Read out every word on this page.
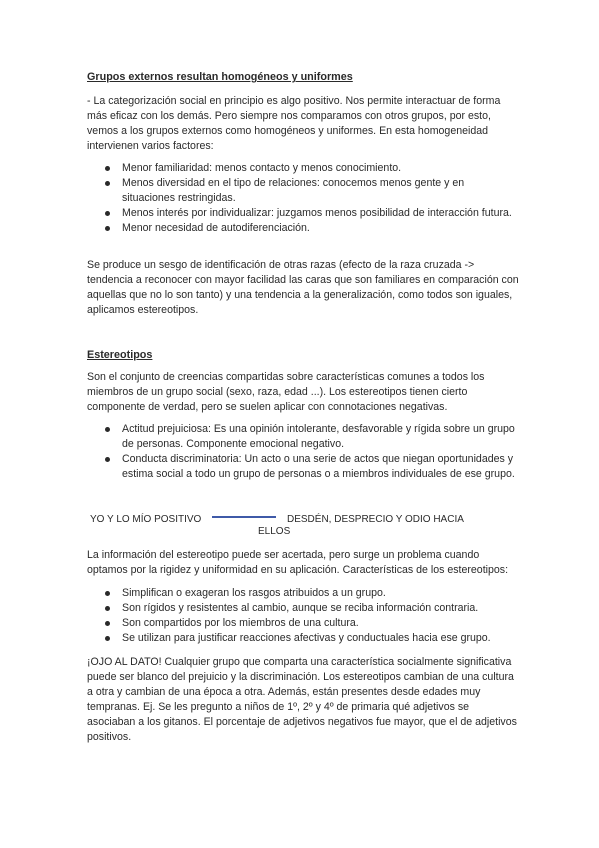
Grupos externos resultan homogéneos y uniformes
- La categorización social en principio es algo positivo. Nos permite interactuar de forma más eficaz con los demás. Pero siempre nos comparamos con otros grupos, por esto, vemos a los grupos externos como homogéneos y uniformes. En esta homogeneidad intervienen varios factores:
Menor familiaridad: menos contacto y menos conocimiento.
Menos diversidad en el tipo de relaciones: conocemos menos gente y en situaciones restringidas.
Menos interés por individualizar: juzgamos menos posibilidad de interacción futura.
Menor necesidad de autodiferenciación.
Se produce un sesgo de identificación de otras razas (efecto de la raza cruzada -> tendencia a reconocer con mayor facilidad las caras que son familiares en comparación con aquellas que no lo son tanto) y una tendencia a la generalización, como todos son iguales, aplicamos estereotipos.
Estereotipos
Son el conjunto de creencias compartidas sobre características comunes a todos los miembros de un grupo social (sexo, raza, edad ...). Los estereotipos tienen cierto componente de verdad, pero se suelen aplicar con connotaciones negativas.
Actitud prejuiciosa: Es una opinión intolerante, desfavorable y rígida sobre un grupo de personas. Componente emocional negativo.
Conducta discriminatoria: Un acto o una serie de actos que niegan oportunidades y estima social a todo un grupo de personas o a miembros individuales de ese grupo.
YO Y LO MÍO POSITIVO	DESDÉN, DESPRECIO Y ODIO HACIA
ELLOS
La información del estereotipo puede ser acertada, pero surge un problema cuando optamos por la rigidez y uniformidad en su aplicación. Características de los estereotipos:
Simplifican o exageran los rasgos atribuidos a un grupo.
Son rígidos y resistentes al cambio, aunque se reciba información contraria.
Son compartidos por los miembros de una cultura.
Se utilizan para justificar reacciones afectivas y conductuales hacia ese grupo.
¡OJO AL DATO! Cualquier grupo que comparta una característica socialmente significativa puede ser blanco del prejuicio y la discriminación. Los estereotipos cambian de una cultura a otra y cambian de una época a otra. Además, están presentes desde edades muy tempranas. Ej. Se les pregunto a niños de 1º, 2º y 4º de primaria qué adjetivos se asociaban a los gitanos. El porcentaje de adjetivos negativos fue mayor, que el de adjetivos positivos.
